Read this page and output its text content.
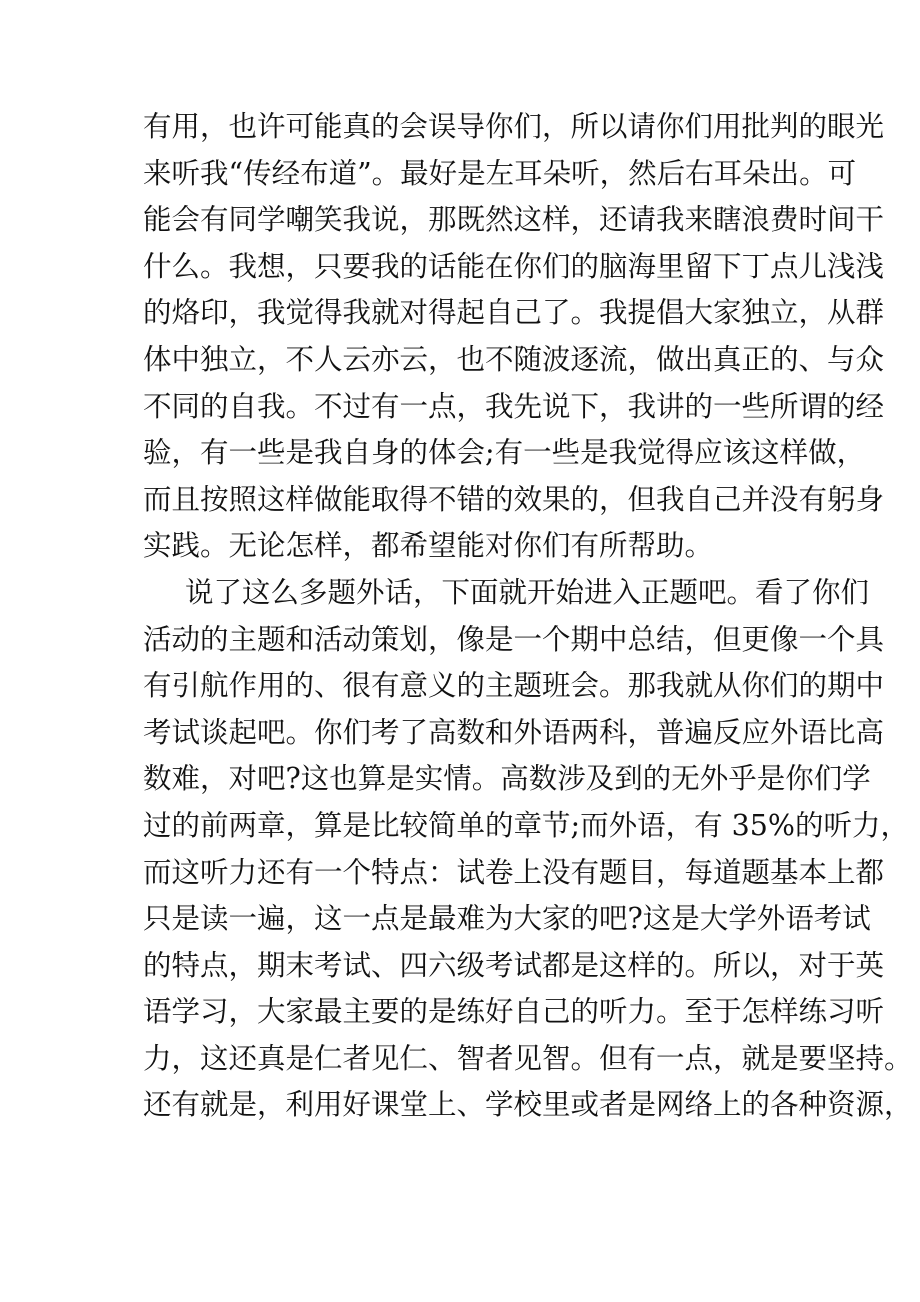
有用，也许可能真的会误导你们，所以请你们用批判的眼光
来听我“传经布道”。最好是左耳朵听，然后右耳朵出。可
能会有同学嘲笑我说，那既然这样，还请我来瞎浪费时间干
什么。我想，只要我的话能在你们的脑海里留下丁点儿浅浅
的烙印，我觉得我就对得起自己了。我提倡大家独立，从群
体中独立，不人云亦云，也不随波逐流，做出真正的、与众
不同的自我。不过有一点，我先说下，我讲的一些所谓的经
验，有一些是我自身的体会;有一些是我觉得应该这样做，
而且按照这样做能取得不错的效果的，但我自己并没有躬身
实践。无论怎样，都希望能对你们有所帮助。
说了这么多题外话，下面就开始进入正题吧。看了你们
活动的主题和活动策划，像是一个期中总结，但更像一个具
有引航作用的、很有意义的主题班会。那我就从你们的期中
考试谈起吧。你们考了高数和外语两科，普遍反应外语比高
数难，对吧?这也算是实情。高数涉及到的无外乎是你们学
过的前两章，算是比较简单的章节;而外语，有 35%的听力，
而这听力还有一个特点：试卷上没有题目，每道题基本上都
只是读一遍，这一点是最难为大家的吧?这是大学外语考试
的特点，期末考试、四六级考试都是这样的。所以，对于英
语学习，大家最主要的是练好自己的听力。至于怎样练习听
力，这还真是仁者见仁、智者见智。但有一点，就是要坚持。
还有就是，利用好课堂上、学校里或者是网络上的各种资源，
